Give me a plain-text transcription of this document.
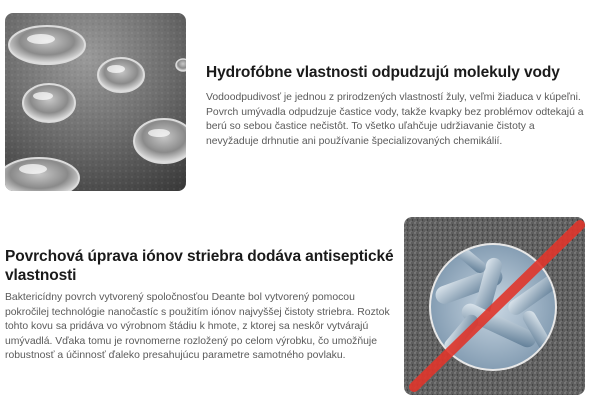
Hydrofóbne vlastnosti odpudzujú molekuly vody
Vodoodpudivosť je jednou z prirodzených vlastností žuly, veľmi žiaduca v kúpeľni. Povrch umývadla odpudzuje častice vody, takže kvapky bez problémov odtekajú a berú so sebou častice nečistôt. To všetko uľahčuje udržiavanie čistoty a nevyžaduje drhnutie ani používanie špecializovaných chemikálií.
Povrchová úprava iónov striebra dodáva antiseptické vlastnosti
Baktericídny povrch vytvorený spoločnosťou Deante bol vytvorený pomocou pokročilej technológie nanočastíc s použitím iónov najvyššej čistoty striebra. Roztok tohto kovu sa pridáva vo výrobnom štádiu k hmote, z ktorej sa neskôr vytvárajú umývadlá. Vďaka tomu je rovnomerne rozložený po celom výrobku, čo umožňuje robustnosť a účinnosť ďaleko presahujúcu parametre samotného povlaku.
